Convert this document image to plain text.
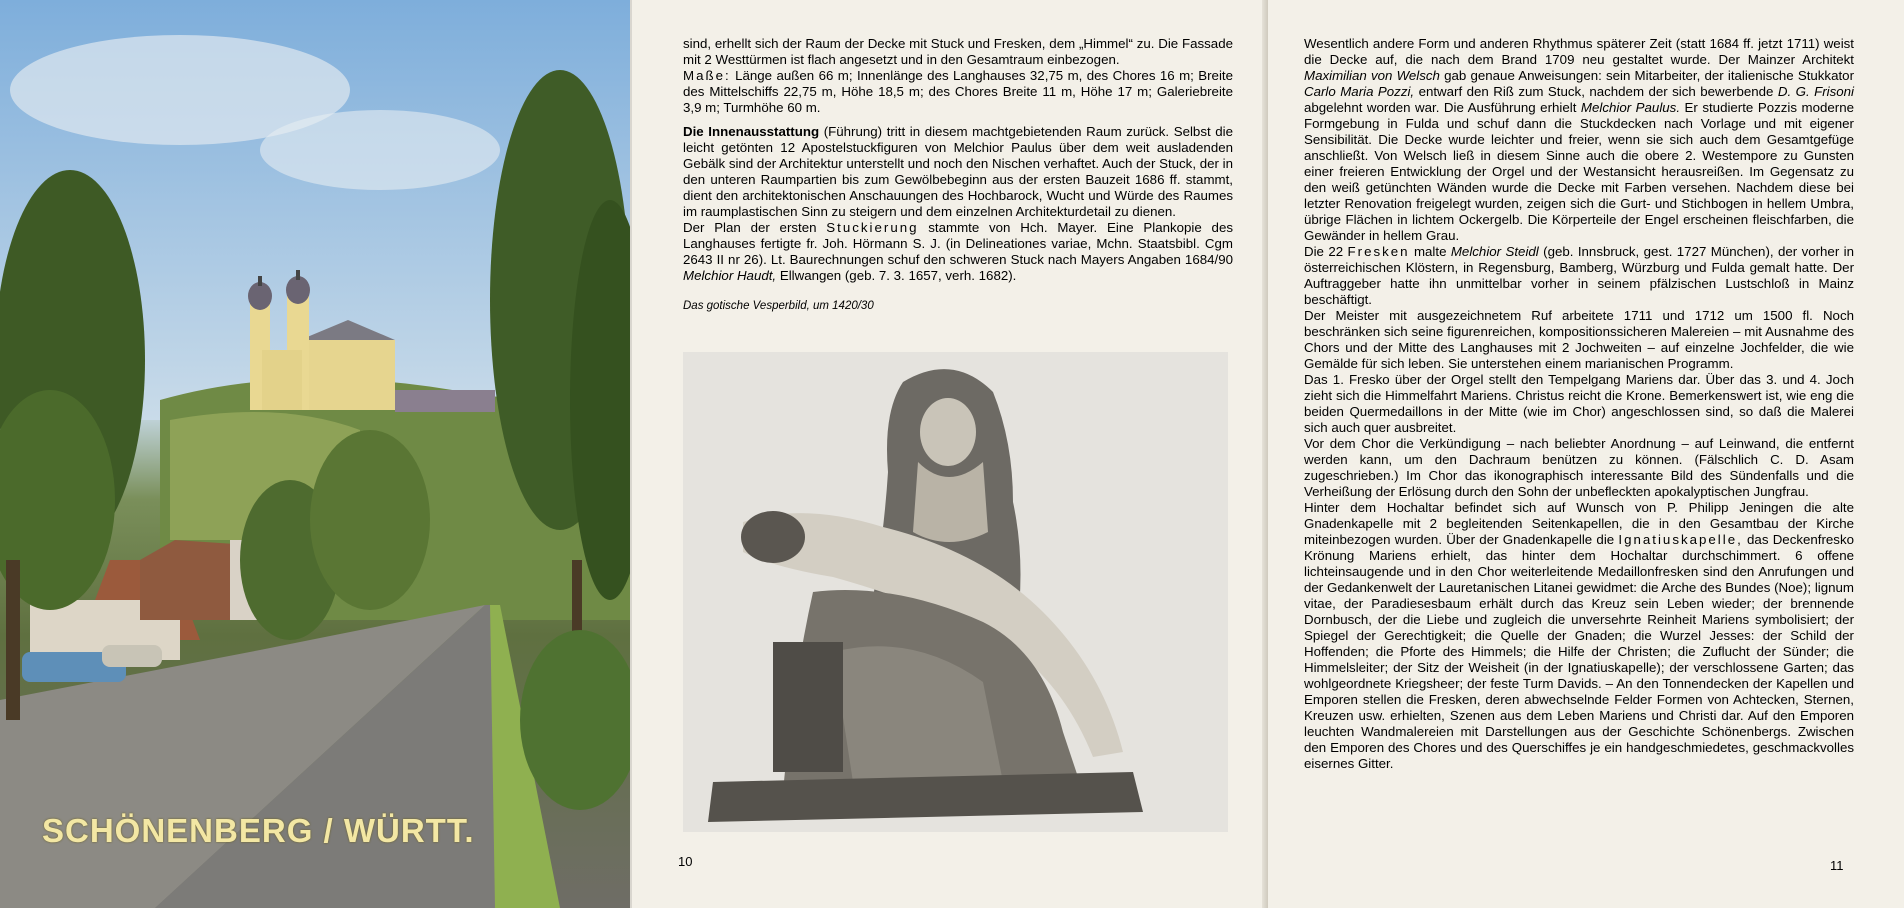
SCHÖNENBERG / WÜRTT.

sind, erhellt sich der Raum der Decke mit Stuck und Fresken, dem „Himmel“ zu. Die Fassade mit 2 Westtürmen ist flach angesetzt und in den Gesamtraum einbezogen.

Maße: Länge außen 66 m; Innenlänge des Langhauses 32,75 m, des Chores 16 m; Breite des Mittelschiffs 22,75 m, Höhe 18,5 m; des Chores Breite 11 m, Höhe 17 m; Galeriebreite 3,9 m; Turmhöhe 60 m.

Die Innenausstattung (Führung) tritt in diesem machtgebietenden Raum zurück. Selbst die leicht getönten 12 Apostelstuckfiguren von Melchior Paulus über dem weit ausladenden Gebälk sind der Architektur unterstellt und noch den Nischen verhaftet. Auch der Stuck, der in den unteren Raumpartien bis zum Gewölbebeginn aus der ersten Bauzeit 1686 ff. stammt, dient den architektonischen Anschauungen des Hochbarock, Wucht und Würde des Raumes im raumplastischen Sinn zu steigern und dem einzelnen Architekturdetail zu dienen.

Der Plan der ersten Stuckierung stammte von Hch. Mayer. Eine Plankopie des Langhauses fertigte fr. Joh. Hörmann S. J. (in Delineationes variae, Mchn. Staatsbibl. Cgm 2643 II nr 26). Lt. Baurechnungen schuf den schweren Stuck nach Mayers Angaben 1684/90 Melchior Haudt, Ellwangen (geb. 7. 3. 1657, verh. 1682).

Das gotische Vesperbild, um 1420/30

10

Wesentlich andere Form und anderen Rhythmus späterer Zeit (statt 1684 ff. jetzt 1711) weist die Decke auf, die nach dem Brand 1709 neu gestaltet wurde. Der Mainzer Architekt Maximilian von Welsch gab genaue Anweisungen: sein Mitarbeiter, der italienische Stukkator Carlo Maria Pozzi, entwarf den Riß zum Stuck, nachdem der sich bewerbende D. G. Frisoni abgelehnt worden war. Die Ausführung erhielt Melchior Paulus. Er studierte Pozzis moderne Formgebung in Fulda und schuf dann die Stuckdecken nach Vorlage und mit eigener Sensibilität. Die Decke wurde leichter und freier, wenn sie sich auch dem Gesamtgefüge anschließt. Von Welsch ließ in diesem Sinne auch die obere 2. Westempore zu Gunsten einer freieren Entwicklung der Orgel und der Westansicht herausreißen. Im Gegensatz zu den weiß getünchten Wänden wurde die Decke mit Farben versehen. Nachdem diese bei letzter Renovation freigelegt wurden, zeigen sich die Gurt- und Stichbogen in hellem Umbra, übrige Flächen in lichtem Ockergelb. Die Körperteile der Engel erscheinen fleischfarben, die Gewänder in hellem Grau.

Die 22 Fresken malte Melchior Steidl (geb. Innsbruck, gest. 1727 München), der vorher in österreichischen Klöstern, in Regensburg, Bamberg, Würzburg und Fulda gemalt hatte. Der Auftraggeber hatte ihn unmittelbar vorher in seinem pfälzischen Lustschloß in Mainz beschäftigt.

Der Meister mit ausgezeichnetem Ruf arbeitete 1711 und 1712 um 1500 fl. Noch beschränken sich seine figurenreichen, kompositionssicheren Malereien – mit Ausnahme des Chors und der Mitte des Langhauses mit 2 Jochweiten – auf einzelne Jochfelder, die wie Gemälde für sich leben. Sie unterstehen einem marianischen Programm.

Das 1. Fresko über der Orgel stellt den Tempelgang Mariens dar. Über das 3. und 4. Joch zieht sich die Himmelfahrt Mariens. Christus reicht die Krone. Bemerkenswert ist, wie eng die beiden Quermedaillons in der Mitte (wie im Chor) angeschlossen sind, so daß die Malerei sich auch quer ausbreitet.

Vor dem Chor die Verkündigung – nach beliebter Anordnung – auf Leinwand, die entfernt werden kann, um den Dachraum benützen zu können. (Fälschlich C. D. Asam zugeschrieben.) Im Chor das ikonographisch interessante Bild des Sündenfalls und die Verheißung der Erlösung durch den Sohn der unbefleckten apokalyptischen Jungfrau.

Hinter dem Hochaltar befindet sich auf Wunsch von P. Philipp Jeningen die alte Gnadenkapelle mit 2 begleitenden Seitenkapellen, die in den Gesamtbau der Kirche miteinbezogen wurden. Über der Gnadenkapelle die Ignatiuskapelle, das Deckenfresko Krönung Mariens erhielt, das hinter dem Hochaltar durchschimmert. 6 offene lichteinsaugende und in den Chor weiterleitende Medaillonfresken sind den Anrufungen und der Gedankenwelt der Lauretanischen Litanei gewidmet: die Arche des Bundes (Noe); lignum vitae, der Paradiesesbaum erhält durch das Kreuz sein Leben wieder; der brennende Dornbusch, der die Liebe und zugleich die unversehrte Reinheit Mariens symbolisiert; der Spiegel der Gerechtigkeit; die Quelle der Gnaden; die Wurzel Jesses: der Schild der Hoffenden; die Pforte des Himmels; die Hilfe der Christen; die Zuflucht der Sünder; die Himmelsleiter; der Sitz der Weisheit (in der Ignatiuskapelle); der verschlossene Garten; das wohlgeordnete Kriegsheer; der feste Turm Davids. – An den Tonnendecken der Kapellen und Emporen stellen die Fresken, deren abwechselnde Felder Formen von Achtecken, Sternen, Kreuzen usw. erhielten, Szenen aus dem Leben Mariens und Christi dar. Auf den Emporen leuchten Wandmalereien mit Darstellungen aus der Geschichte Schönenbergs. Zwischen den Emporen des Chores und des Querschiffes je ein handgeschmiedetes, geschmackvolles eisernes Gitter.

11
